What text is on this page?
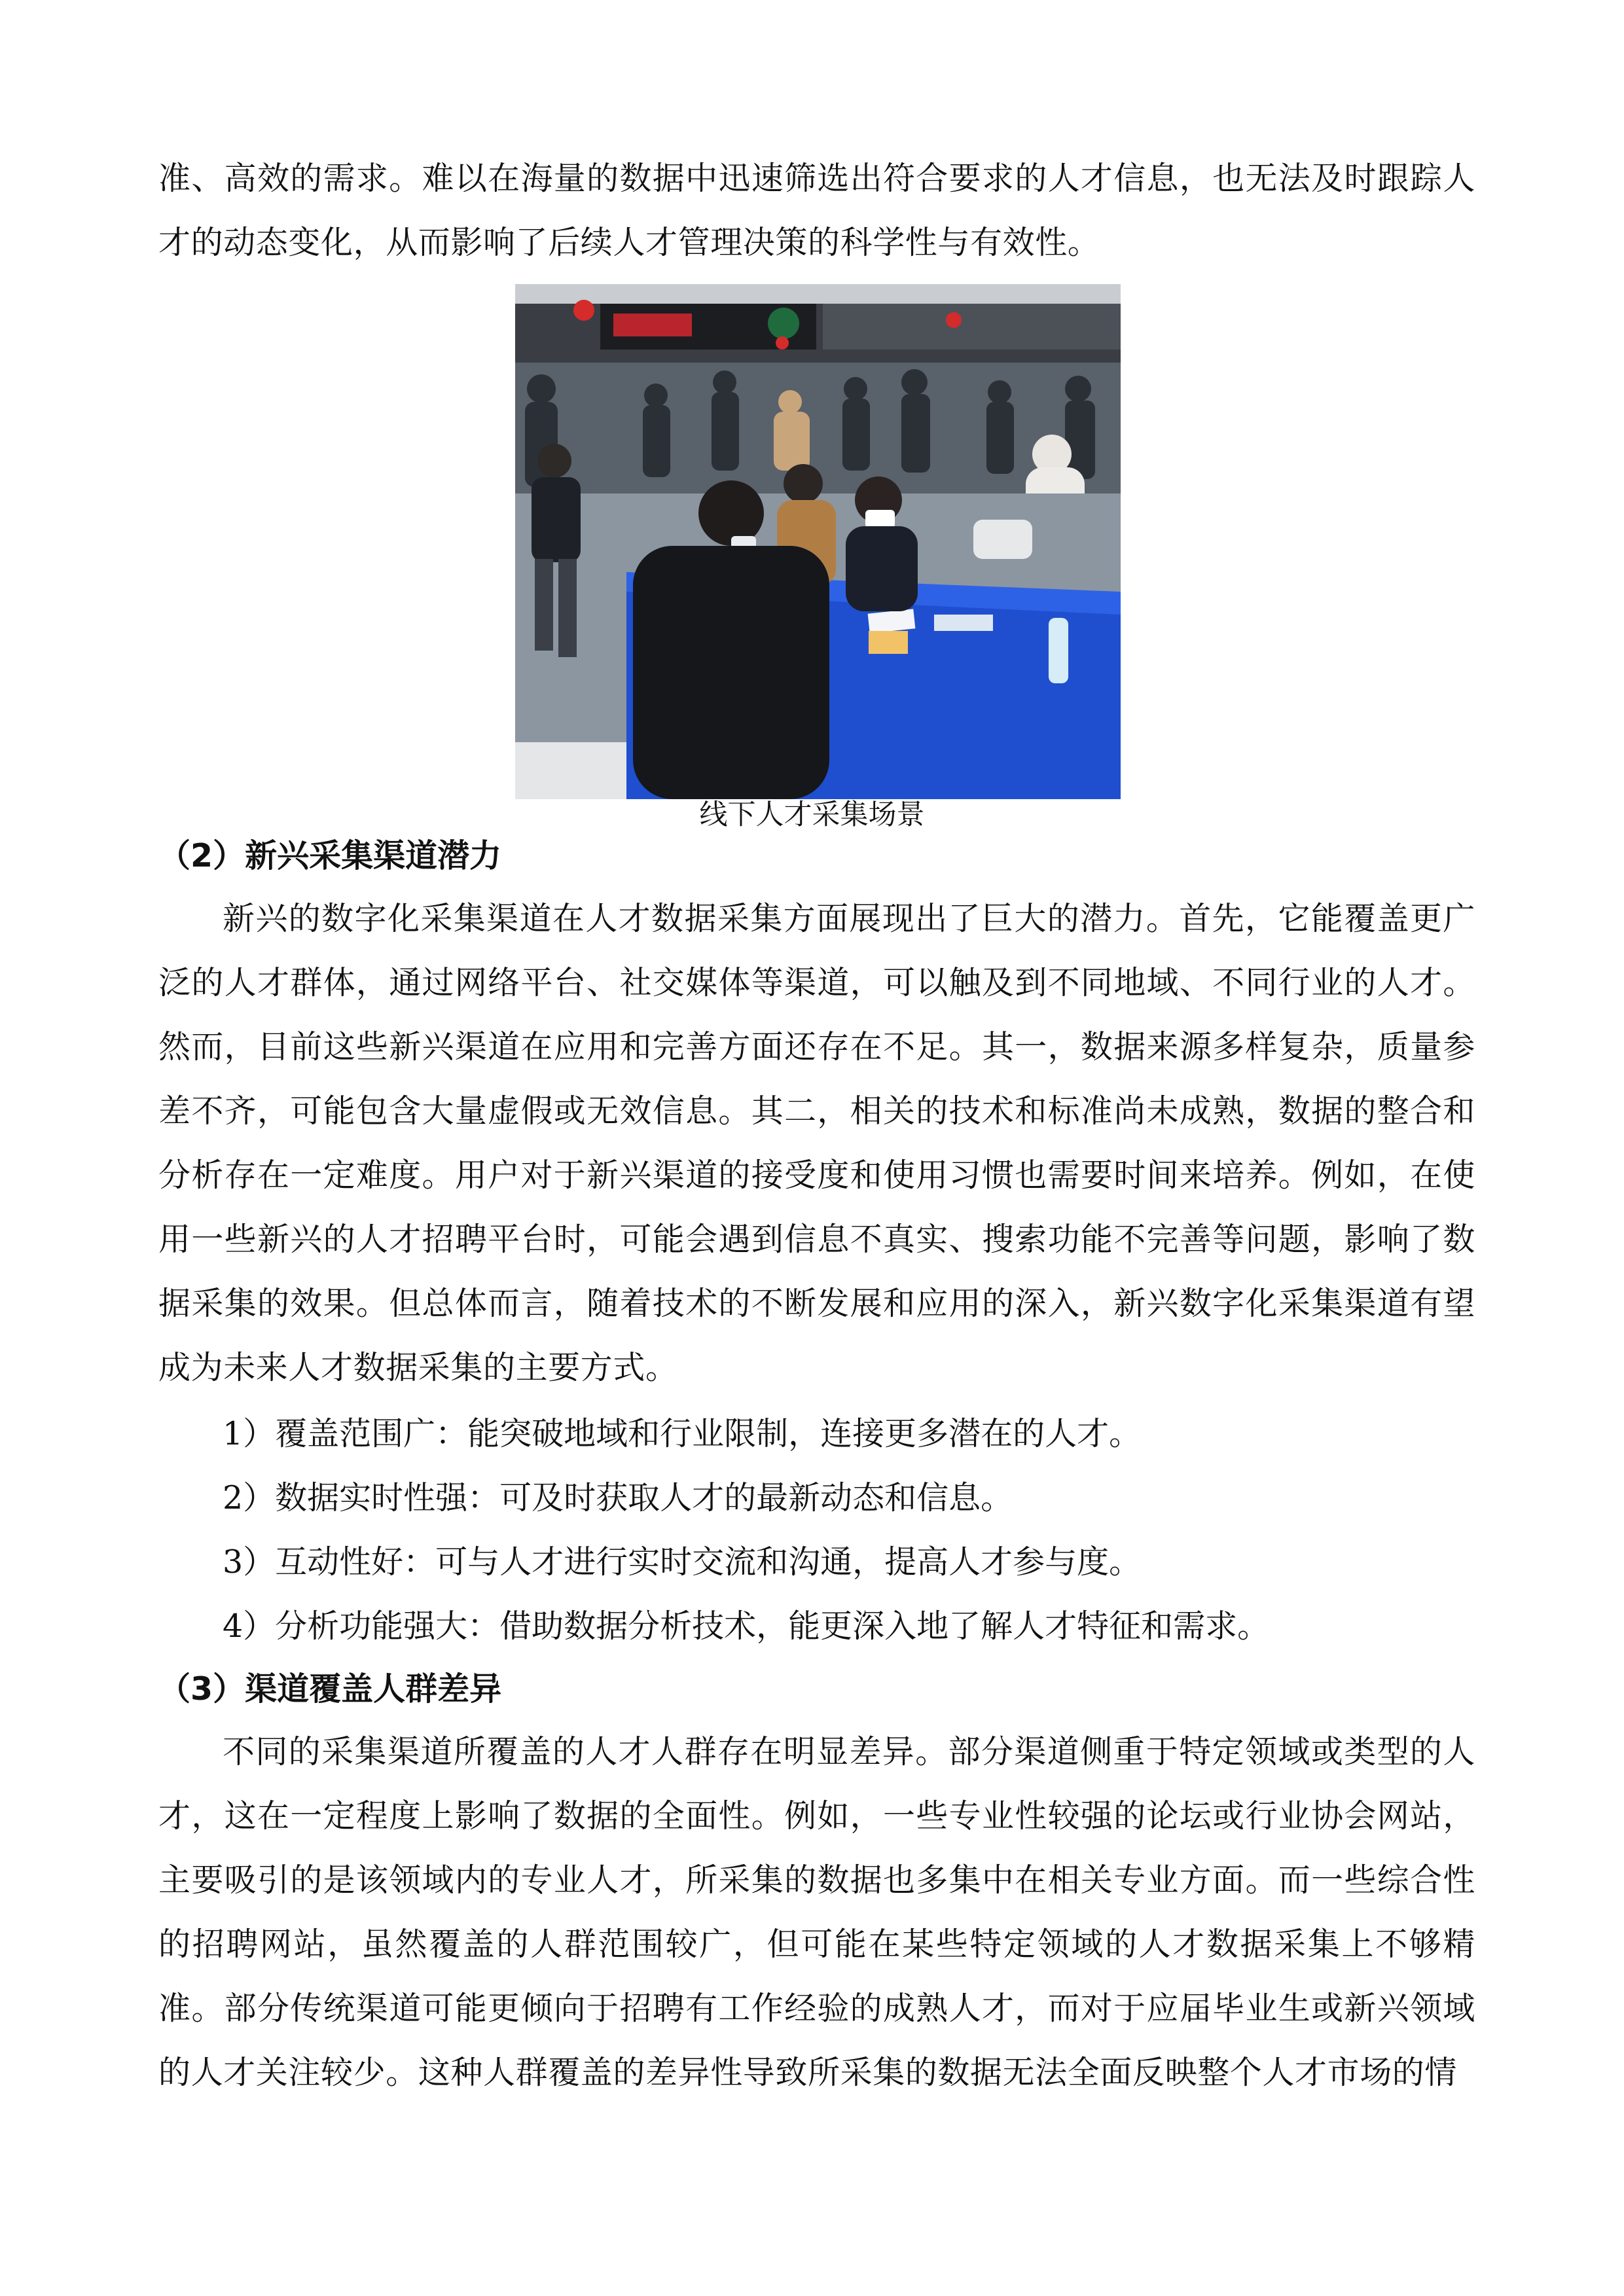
准、高效的需求。难以在海量的数据中迅速筛选出符合要求的人才信息，也无法及时跟踪人才的动态变化，从而影响了后续人才管理决策的科学性与有效性。

线下人才采集场景
（2）新兴采集渠道潜力

新兴的数字化采集渠道在人才数据采集方面展现出了巨大的潜力。首先，它能覆盖更广泛的人才群体，通过网络平台、社交媒体等渠道，可以触及到不同地域、不同行业的人才。然而，目前这些新兴渠道在应用和完善方面还存在不足。其一，数据来源多样复杂，质量参差不齐，可能包含大量虚假或无效信息。其二，相关的技术和标准尚未成熟，数据的整合和分析存在一定难度。用户对于新兴渠道的接受度和使用习惯也需要时间来培养。例如，在使用一些新兴的人才招聘平台时，可能会遇到信息不真实、搜索功能不完善等问题，影响了数据采集的效果。但总体而言，随着技术的不断发展和应用的深入，新兴数字化采集渠道有望成为未来人才数据采集的主要方式。

1）覆盖范围广：能突破地域和行业限制，连接更多潜在的人才。
2）数据实时性强：可及时获取人才的最新动态和信息。
3）互动性好：可与人才进行实时交流和沟通，提高人才参与度。
4）分析功能强大：借助数据分析技术，能更深入地了解人才特征和需求。
（3）渠道覆盖人群差异

不同的采集渠道所覆盖的人才人群存在明显差异。部分渠道侧重于特定领域或类型的人才，这在一定程度上影响了数据的全面性。例如，一些专业性较强的论坛或行业协会网站，主要吸引的是该领域内的专业人才，所采集的数据也多集中在相关专业方面。而一些综合性的招聘网站，虽然覆盖的人群范围较广，但可能在某些特定领域的人才数据采集上不够精准。部分传统渠道可能更倾向于招聘有工作经验的成熟人才，而对于应届毕业生或新兴领域的人才关注较少。这种人群覆盖的差异性导致所采集的数据无法全面反映整个人才市场的情
